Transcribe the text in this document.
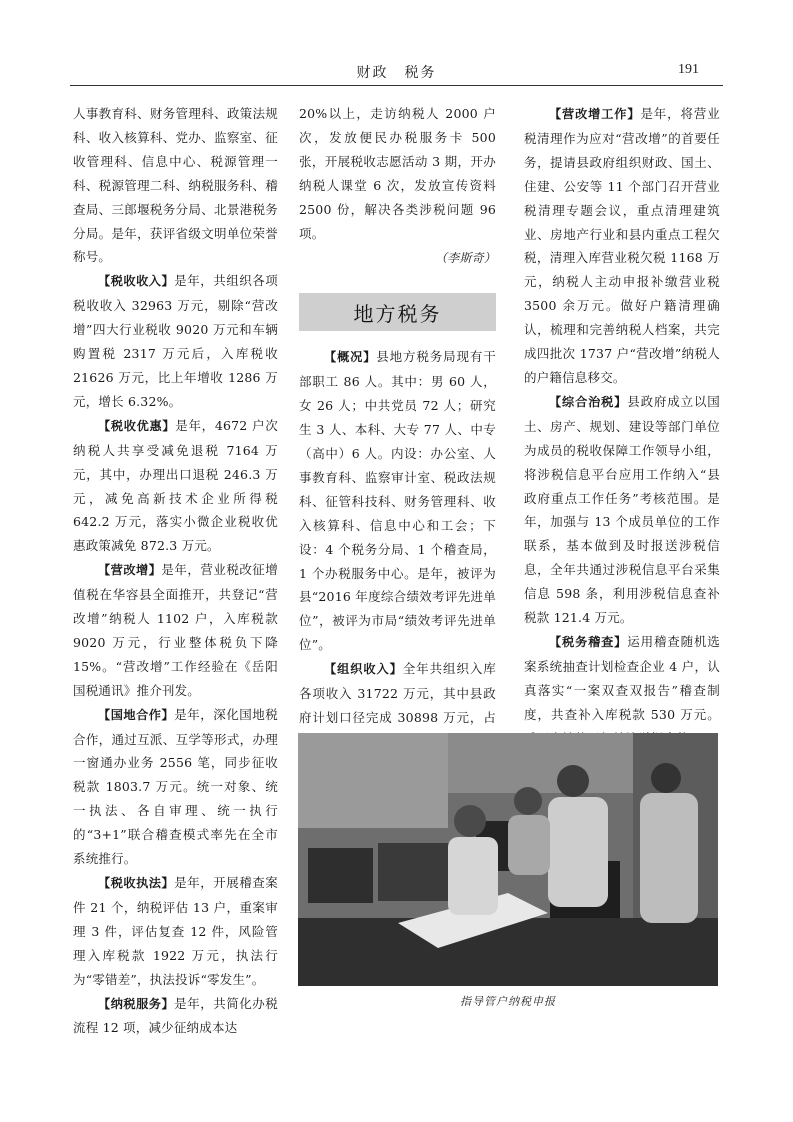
财政　税务	191

人事教育科、财务管理科、政策法规科、收入核算科、党办、监察室、征收管理科、信息中心、税源管理一科、税源管理二科、纳税服务科、稽查局、三郎堰税务分局、北景港税务分局。是年，获评省级文明单位荣誉称号。

【税收收入】是年，共组织各项税收收入 32963 万元，剔除“营改增”四大行业税收 9020 万元和车辆购置税 2317 万元后，入库税收 21626 万元，比上年增收 1286 万元，增长 6.32%。

【税收优惠】是年，4672 户次纳税人共享受减免退税 7164 万元，其中，办理出口退税 246.3 万元，减免高新技术企业所得税 642.2 万元，落实小微企业税收优惠政策减免 872.3 万元。

【营改增】是年，营业税改征增值税在华容县全面推开，共登记“营改增”纳税人 1102 户，入库税款 9020 万元，行业整体税负下降 15%。“营改增”工作经验在《岳阳国税通讯》推介刊发。

【国地合作】是年，深化国地税合作，通过互派、互学等形式，办理一窗通办业务 2556 笔，同步征收税款 1803.7 万元。统一对象、统一执法、各自审理、统一执行的“3+1”联合稽查模式率先在全市系统推行。

【税收执法】是年，开展稽查案件 21 个，纳税评估 13 户，重案审理 3 件，评估复查 12 件，风险管理入库税款 1922 万元，执法行为“零错差”，执法投诉“零发生”。

【纳税服务】是年，共简化办税流程 12 项，减少征纳成本达

20%以上，走访纳税人 2000 户次，发放便民办税服务卡 500 张，开展税收志愿活动 3 期，开办纳税人课堂 6 次，发放宣传资料 2500 份，解决各类涉税问题 96 项。

（李斯奇）

地方税务

【概况】县地方税务局现有干部职工 86 人。其中：男 60 人，女 26 人；中共党员 72 人；研究生 3 人、本科、大专 77 人、中专（高中）6 人。内设：办公室、人事教育科、监察审计室、税政法规科、征管科技科、财务管理科、收入核算科、信息中心和工会；下设：4 个税务分局、1 个稽查局，1 个办税服务中心。是年，被评为县“2016 年度综合绩效考评先进单位”，被评为市局“绩效考评先进单位”。

【组织收入】全年共组织入库各项收入 31722 万元，其中县政府计划口径完成 30898 万元，占

【营改增工作】是年，将营业税清理作为应对“营改增”的首要任务，提请县政府组织财政、国土、住建、公安等 11 个部门召开营业税清理专题会议，重点清理建筑业、房地产行业和县内重点工程欠税，清理入库营业税欠税 1168 万元，纳税人主动申报补缴营业税 3500 余万元。做好户籍清理确认，梳理和完善纳税人档案，共完成四批次 1737 户“营改增”纳税人的户籍信息移交。

【综合治税】县政府成立以国土、房产、规划、建设等部门单位为成员的税收保障工作领导小组，将涉税信息平台应用工作纳入“县政府重点工作任务”考核范围。是年，加强与 13 个成员单位的工作联系，基本做到及时报送涉税信息，全年共通过涉税信息平台采集信息 598 条，利用涉税信息查补税款 121.4 万元。

【税务稽查】运用稽查随机选案系统抽查计划检查企业 4 户，认真落实“一案双查双报告”稽查制度，共查补入库税款 530 万元。

指导管户纳税申报
